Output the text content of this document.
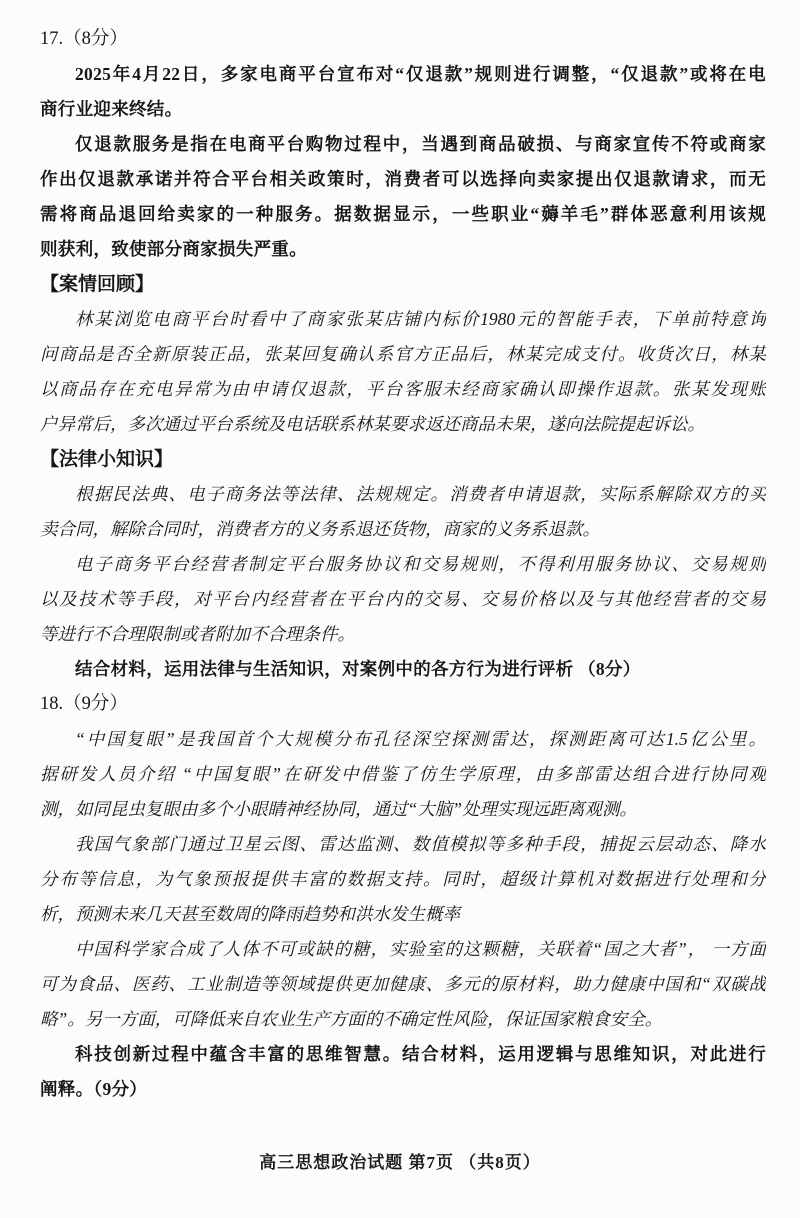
17.（8分）
2025年4月22日，多家电商平台宣布对“仅退款”规则进行调整，“仅退款”或将在电
商行业迎来终结。
仅退款服务是指在电商平台购物过程中，当遇到商品破损、与商家宣传不符或商家
作出仅退款承诺并符合平台相关政策时，消费者可以选择向卖家提出仅退款请求，而无
需将商品退回给卖家的一种服务。据数据显示，一些职业“薅羊毛”群体恶意利用该规
则获利，致使部分商家损失严重。
【案情回顾】
林某浏览电商平台时看中了商家张某店铺内标价1980元的智能手表，下单前特意询
问商品是否全新原装正品，张某回复确认系官方正品后，林某完成支付。收货次日，林某
以商品存在充电异常为由申请仅退款，平台客服未经商家确认即操作退款。张某发现账
户异常后，多次通过平台系统及电话联系林某要求返还商品未果，遂向法院提起诉讼。
【法律小知识】
根据民法典、电子商务法等法律、法规规定。消费者申请退款，实际系解除双方的买
卖合同，解除合同时，消费者方的义务系退还货物，商家的义务系退款。
电子商务平台经营者制定平台服务协议和交易规则，不得利用服务协议、交易规则
以及技术等手段，对平台内经营者在平台内的交易、交易价格以及与其他经营者的交易
等进行不合理限制或者附加不合理条件。
结合材料，运用法律与生活知识，对案例中的各方行为进行评析 （8分）
18.（9分）
“中国复眼”是我国首个大规模分布孔径深空探测雷达，探测距离可达1.5亿公里。
据研发人员介绍 “中国复眼”在研发中借鉴了仿生学原理，由多部雷达组合进行协同观
测，如同昆虫复眼由多个小眼睛神经协同，通过“大脑”处理实现远距离观测。
我国气象部门通过卫星云图、雷达监测、数值模拟等多种手段，捕捉云层动态、降水
分布等信息，为气象预报提供丰富的数据支持。同时，超级计算机对数据进行处理和分
析，预测未来几天甚至数周的降雨趋势和洪水发生概率
中国科学家合成了人体不可或缺的糖，实验室的这颗糖，关联着“国之大者”， 一方面
可为食品、医药、工业制造等领域提供更加健康、多元的原材料，助力健康中国和“双碳战
略”。另一方面，可降低来自农业生产方面的不确定性风险，保证国家粮食安全。
科技创新过程中蕴含丰富的思维智慧。结合材料，运用逻辑与思维知识，对此进行
阐释。（9分）
高三思想政治试题 第7页 （共8页）
